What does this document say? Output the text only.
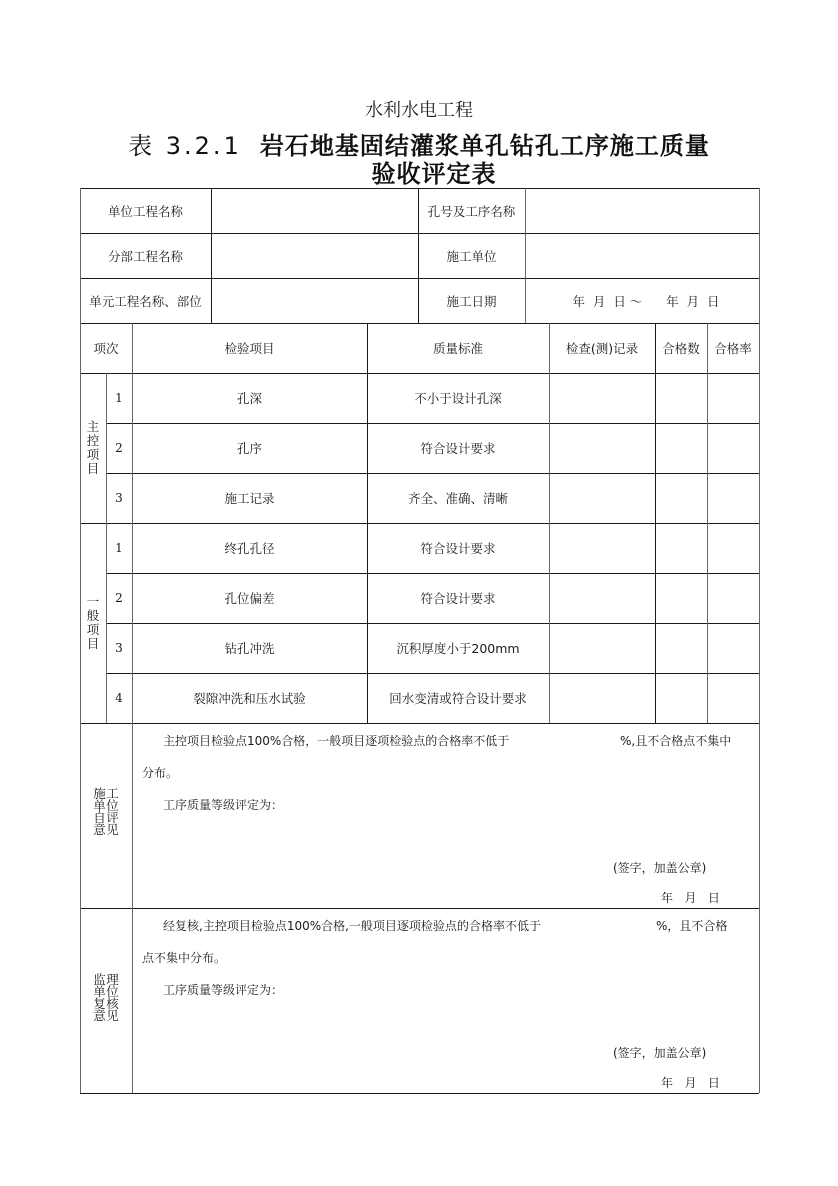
水利水电工程
表 3.2.1 岩石地基固结灌浆单孔钻孔工序施工质量
验收评定表
单位工程名称	孔号及工序名称
分部工程名称	施工单位
单元工程名称、部位	施工日期	年  月  日 ～      年  月  日
项次	检验项目	质量标准	检查(测)记录	合格数	合格率
主
控
项
目
1	孔深	不小于设计孔深
2	孔序	符合设计要求
3	施工记录	齐全、准确、清晰
一
般
项
目
1	终孔孔径	符合设计要求
2	孔位偏差	符合设计要求
3	钻孔冲洗	沉积厚度小于200mm
4	裂隙冲洗和压水试验	回水变清或符合设计要求
施 工
单 位
自 评
意 见
主控项目检验点100%合格，一般项目逐项检验点的合格率不低于	%,且不合格点不集中
分布。
工序质量等级评定为：
(签字，加盖公章)
年   月   日
监 理
单 位
复 核
意 见
经复核,主控项目检验点100%合格,一般项目逐项检验点的合格率不低于	%，且不合格
点不集中分布。
工序质量等级评定为：
(签字，加盖公章)
年   月   日
